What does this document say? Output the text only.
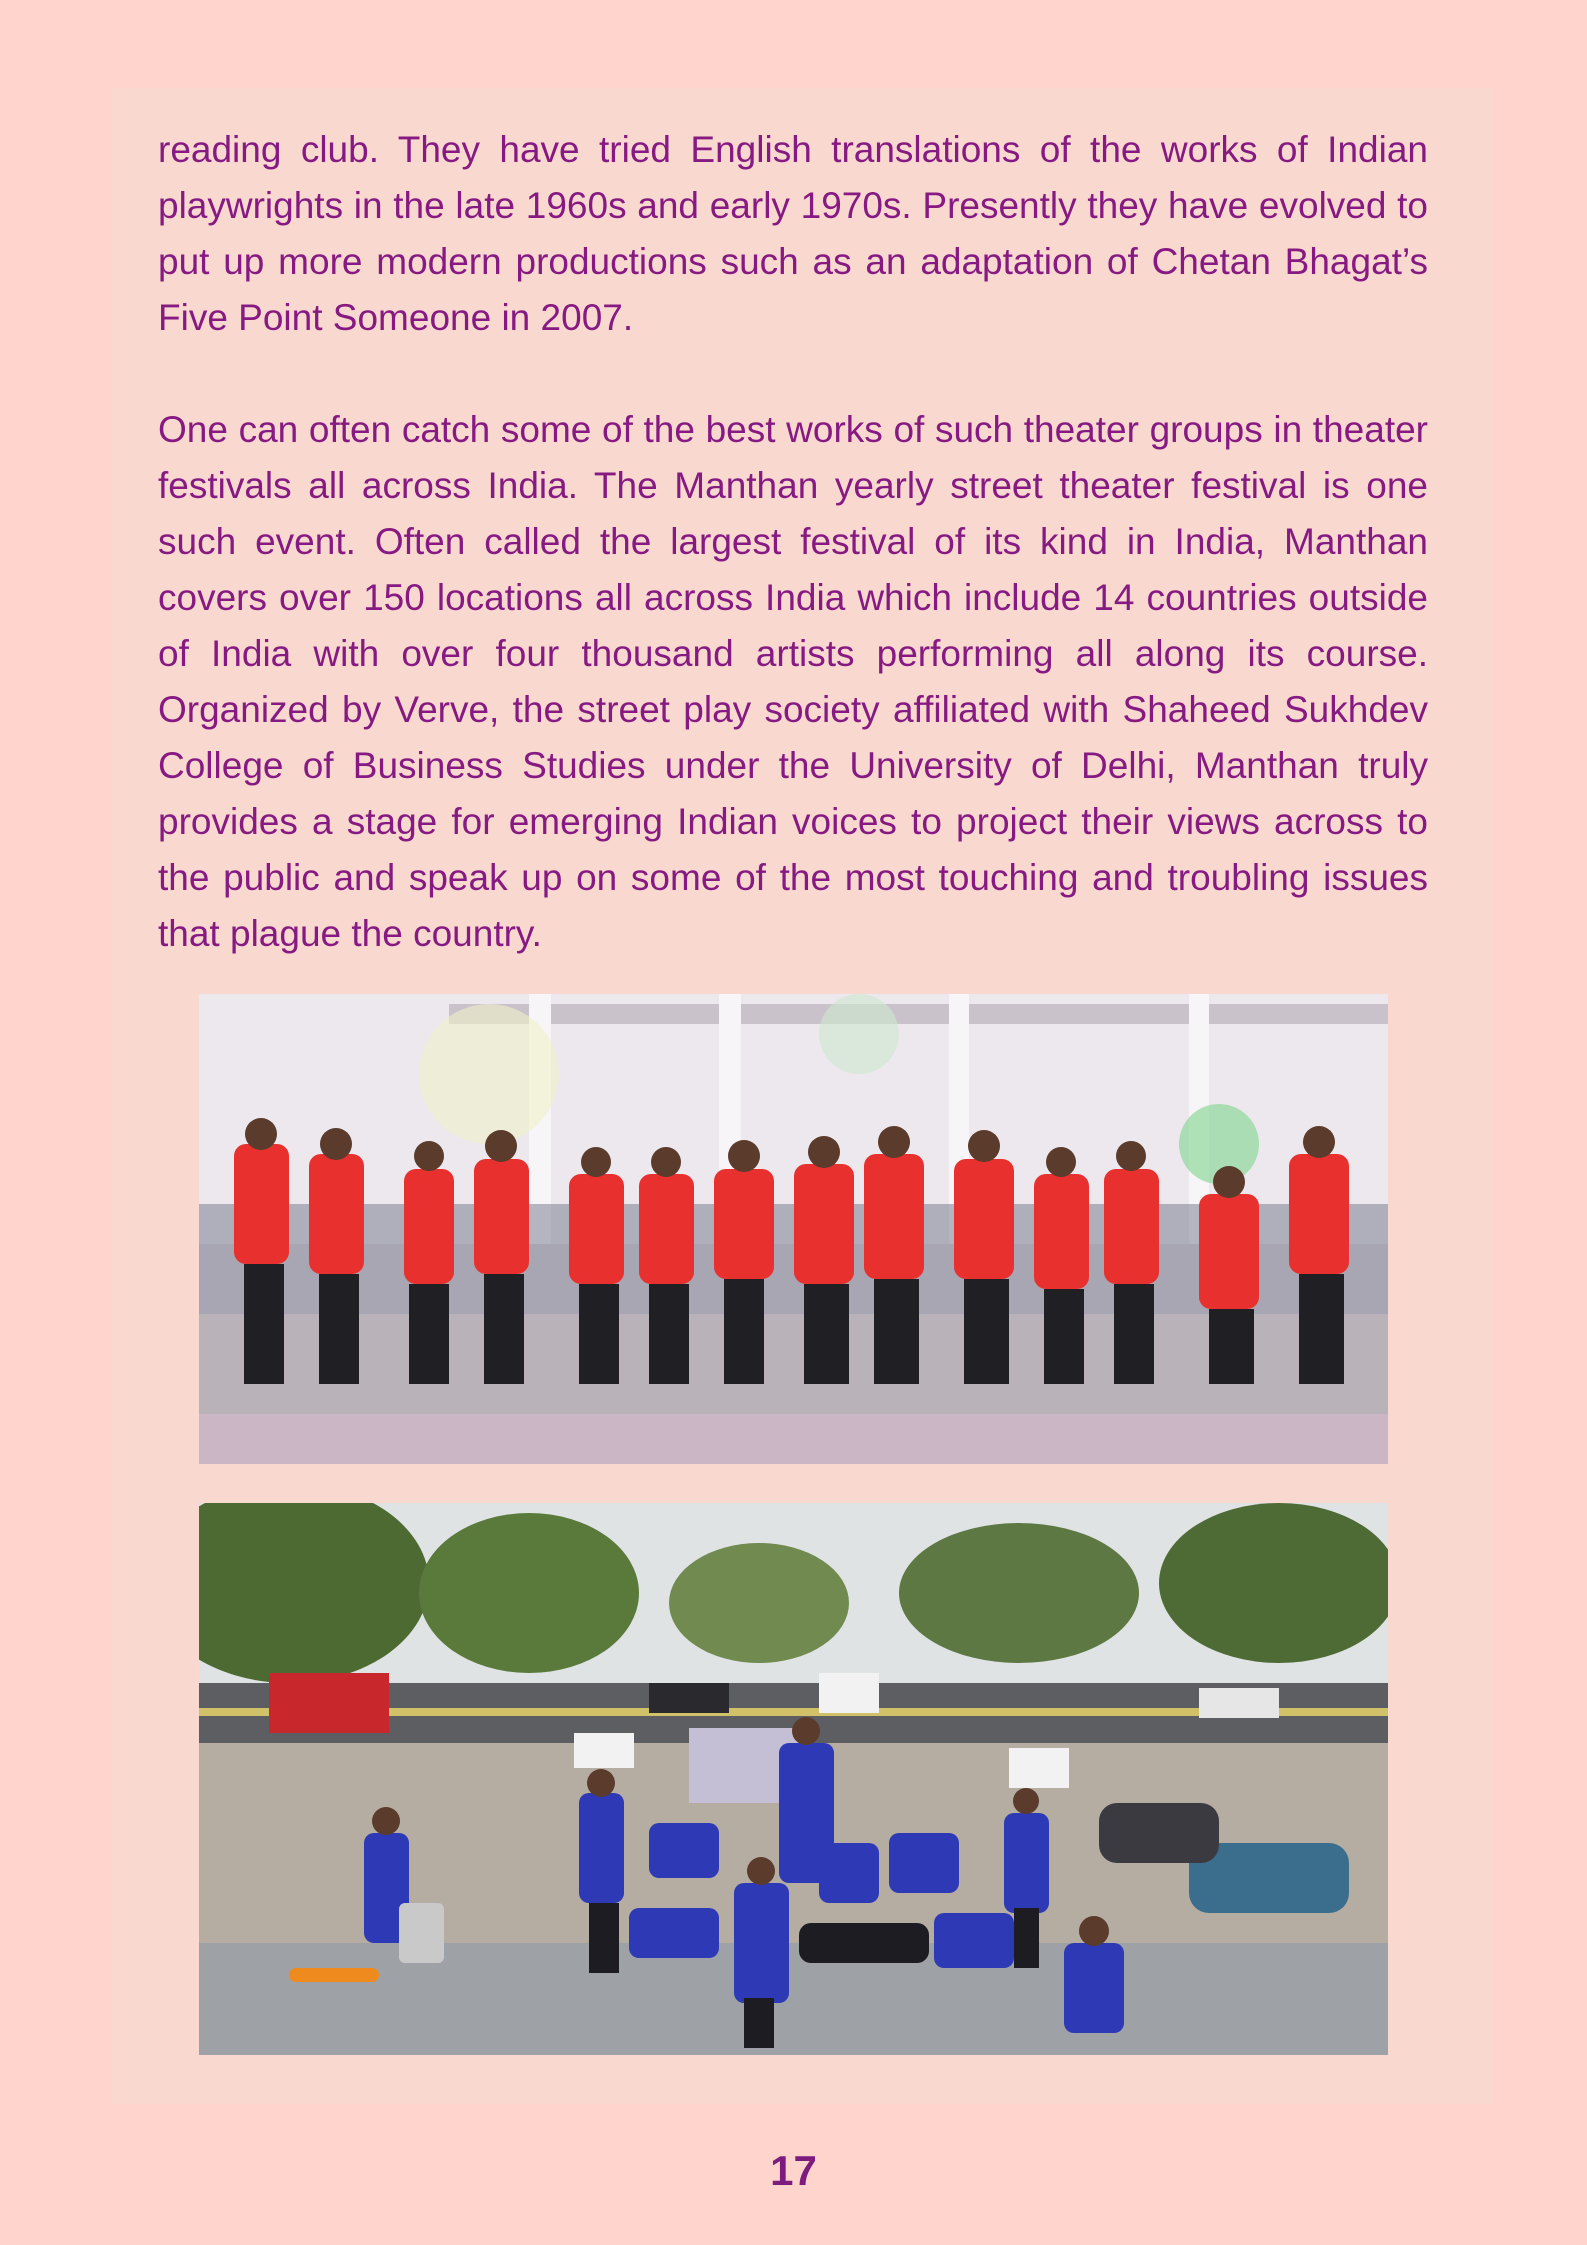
reading club. They have tried English translations of the works of Indian playwrights in the late 1960s and early 1970s. Presently they have evolved to put up more modern productions such as an adaptation of Chetan Bhagat’s Five Point Someone in 2007.

One can often catch some of the best works of such theater groups in theater festivals all across India. The Manthan yearly street theater festival is one such event. Often called the largest festival of its kind in India, Manthan covers over 150 locations all across India which include 14 countries outside of India with over four thousand artists performing all along its course. Organized by Verve, the street play society affiliated with Shaheed Sukhdev College of Business Studies under the University of Delhi, Manthan truly provides a stage for emerging Indian voices to project their views across to the public and speak up on some of the most touching and troubling issues that plague the country.

17
